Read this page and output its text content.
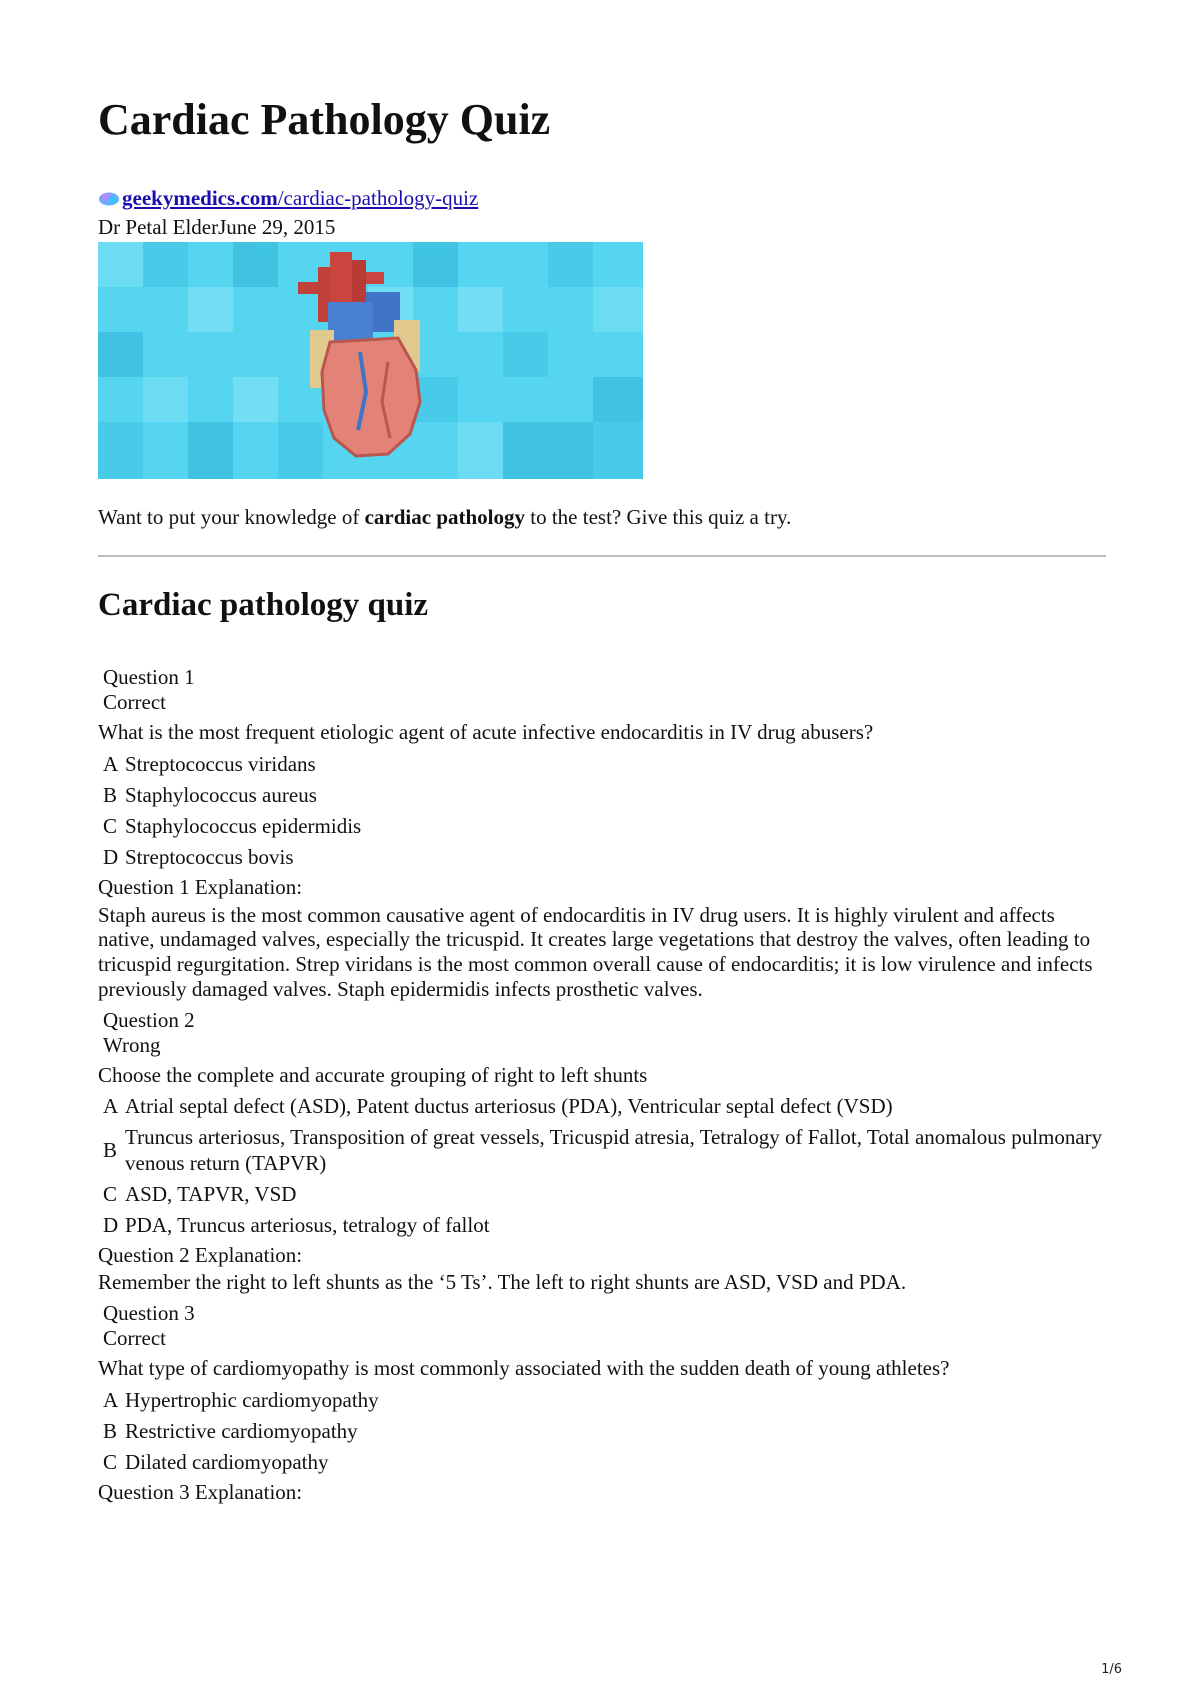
Cardiac Pathology Quiz
geekymedics.com/cardiac-pathology-quiz
Dr Petal ElderJune 29, 2015
Want to put your knowledge of cardiac pathology to the test? Give this quiz a try.
Cardiac pathology quiz
Question 1
Correct
What is the most frequent etiologic agent of acute infective endocarditis in IV drug abusers?
A Streptococcus viridans
B Staphylococcus aureus
C Staphylococcus epidermidis
D Streptococcus bovis
Question 1 Explanation:
Staph aureus is the most common causative agent of endocarditis in IV drug users. It is highly virulent and affects native, undamaged valves, especially the tricuspid. It creates large vegetations that destroy the valves, often leading to tricuspid regurgitation. Strep viridans is the most common overall cause of endocarditis; it is low virulence and infects previously damaged valves. Staph epidermidis infects prosthetic valves.
Question 2
Wrong
Choose the complete and accurate grouping of right to left shunts
A Atrial septal defect (ASD), Patent ductus arteriosus (PDA), Ventricular septal defect (VSD)
B
Truncus arteriosus, Transposition of great vessels, Tricuspid atresia, Tetralogy of Fallot, Total anomalous pulmonary venous return (TAPVR)
C ASD, TAPVR, VSD
D PDA, Truncus arteriosus, tetralogy of fallot
Question 2 Explanation:
Remember the right to left shunts as the ‘5 Ts’. The left to right shunts are ASD, VSD and PDA.
Question 3
Correct
What type of cardiomyopathy is most commonly associated with the sudden death of young athletes?
A Hypertrophic cardiomyopathy
B Restrictive cardiomyopathy
C Dilated cardiomyopathy
Question 3 Explanation:
1/6
